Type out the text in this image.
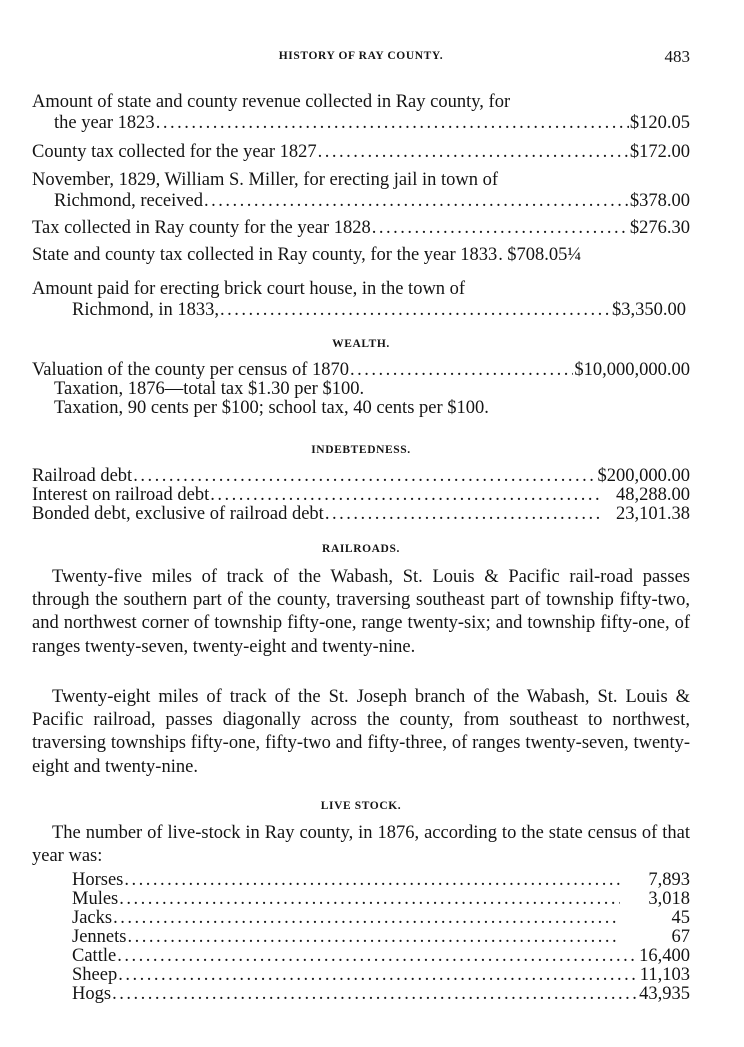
HISTORY OF RAY COUNTY.	483
Amount of state and county revenue collected in Ray county, for
the year 1823 .....	$120.05
County tax collected for the year 1827 .....	$172.00
November, 1829, William S. Miller, for erecting jail in town of
Richmond, received .....	$378.00
Tax collected in Ray county for the year 1828 .....	$276.30
State and county tax collected in Ray county, for the year 1833 ..... $708.05¼
Amount paid for erecting brick court house, in the town of
Richmond, in 1833, .....	$3,350.00
WEALTH.
Valuation of the county per census of 1870 .....	$10,000,000.00
Taxation, 1876—total tax $1.30 per $100.
Taxation, 90 cents per $100; school tax, 40 cents per $100.
INDEBTEDNESS.
Railroad debt .....	$200,000.00
Interest on railroad debt .....	48,288.00
Bonded debt, exclusive of railroad debt .....	23,101.38
RAILROADS.
Twenty-five miles of track of the Wabash, St. Louis & Pacific rail-road passes through the southern part of the county, traversing southeast part of township fifty-two, and northwest corner of township fifty-one, range twenty-six; and township fifty-one, of ranges twenty-seven, twenty-eight and twenty-nine.
Twenty-eight miles of track of the St. Joseph branch of the Wabash, St. Louis & Pacific railroad, passes diagonally across the county, from southeast to northwest, traversing townships fifty-one, fifty-two and fifty-three, of ranges twenty-seven, twenty-eight and twenty-nine.
LIVE STOCK.
The number of live-stock in Ray county, in 1876, according to the state census of that year was:
Horses .....	7,893
Mules .....	3,018
Jacks .....	45
Jennets .....	67
Cattle .....	16,400
Sheep .....	11,103
Hogs .....	43,935
